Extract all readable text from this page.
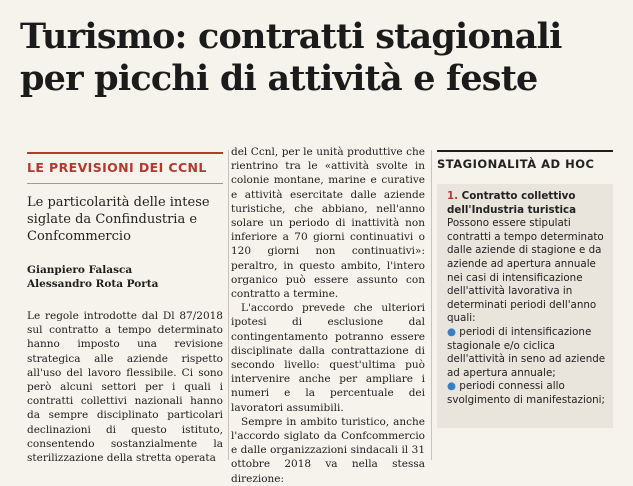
Turismo: contratti stagionali
per picchi di attività e feste
LE PREVISIONI DEI CCNL
Le particolarità delle intese siglate da Confindustria e Confcommercio
Gianpiero Falasca
Alessandro Rota Porta
Le regole introdotte dal Dl 87/2018 sul contratto a tempo determinato hanno imposto una revisione strategica alle aziende rispetto all'uso del lavoro flessibile. Ci sono però alcuni settori per i quali i contratti collettivi nazionali hanno da sempre disciplinato particolari declinazioni di questo istituto, consentendo sostanzialmente la sterilizzazione della stretta operata

del Ccnl, per le unità produttive che rientrino tra le «attività svolte in colonie montane, marine e curative e attività esercitate dalle aziende turistiche, che abbiano, nell'anno solare un periodo di inattività non inferiore a 70 giorni continuativi o 120 giorni non continuativi»: peraltro, in questo ambito, l'intero organico può essere assunto con contratto a termine.

L'accordo prevede che ulteriori ipotesi di esclusione dal contingentamento potranno essere disciplinate dalla contrattazione di secondo livello: quest'ultima può intervenire anche per ampliare i numeri e la percentuale dei lavoratori assumibili.

Sempre in ambito turistico, anche l'accordo siglato da Confcommercio e dalle organizzazioni sindacali il 31 ottobre 2018 va nella stessa direzione:

STAGIONALITÀ AD HOC
1. Contratto collettivo dell'Industria turistica
Possono essere stipulati contratti a tempo determinato dalle aziende di stagione e da aziende ad apertura annuale nei casi di intensificazione dell'attività lavorativa in determinati periodi dell'anno quali:
● periodi di intensificazione stagionale e/o ciclica dell'attività in seno ad aziende ad apertura annuale;
● periodi connessi allo svolgimento di manifestazioni;
